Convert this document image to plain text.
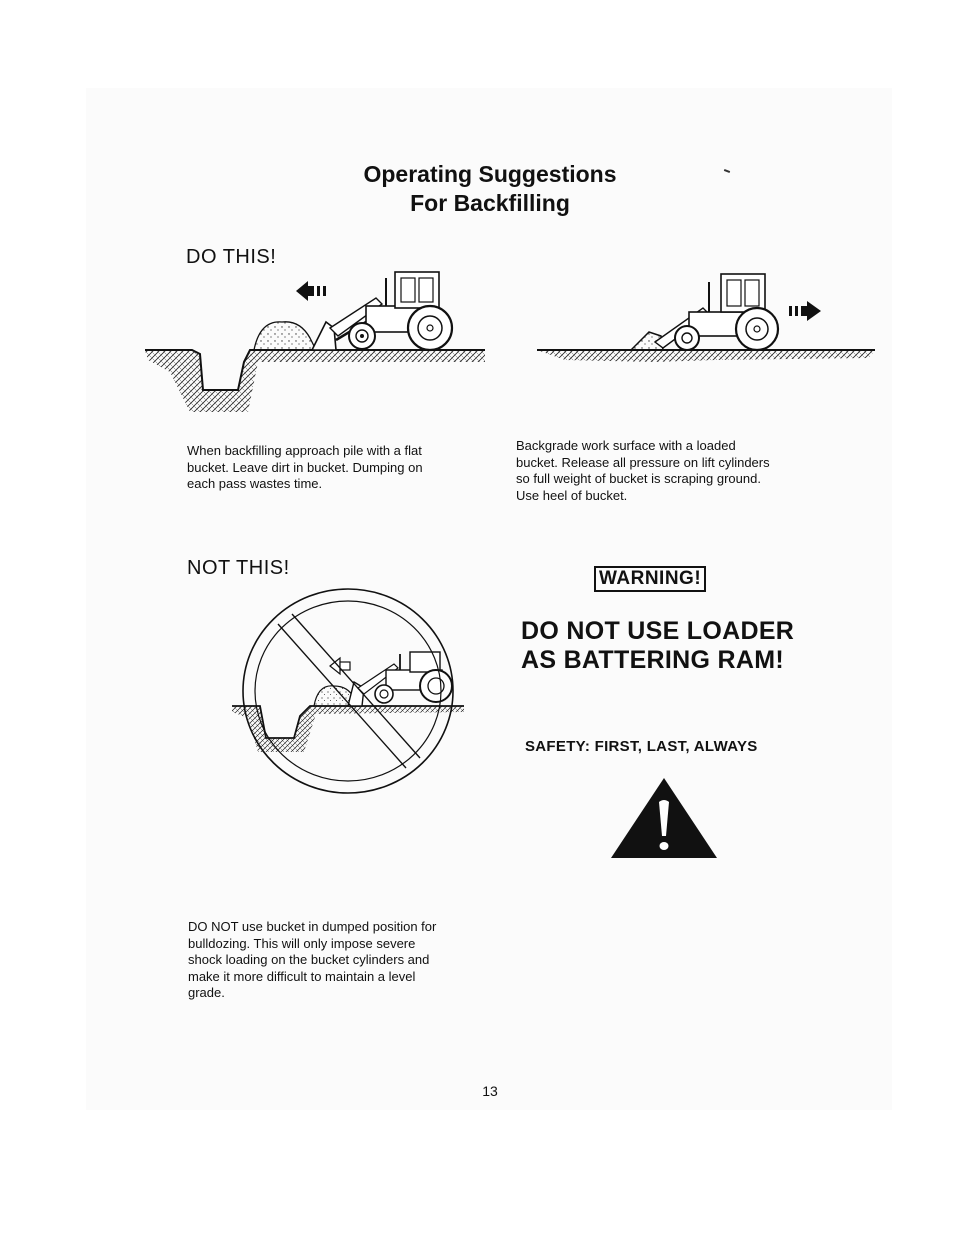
Operating Suggestions
For Backfilling
DO THIS!
When backfilling approach pile with a flat
bucket. Leave dirt in bucket. Dumping on
each pass wastes time.
Backgrade work surface with a loaded
bucket. Release all pressure on lift cylinders
so full weight of bucket is scraping ground.
Use heel of bucket.
NOT THIS!
DO NOT use bucket in dumped position for
bulldozing. This will only impose severe
shock loading on the bucket cylinders and
make it more difficult to maintain a level
grade.
WARNING!
DO NOT USE LOADER
AS BATTERING RAM!
SAFETY: FIRST, LAST, ALWAYS
13
